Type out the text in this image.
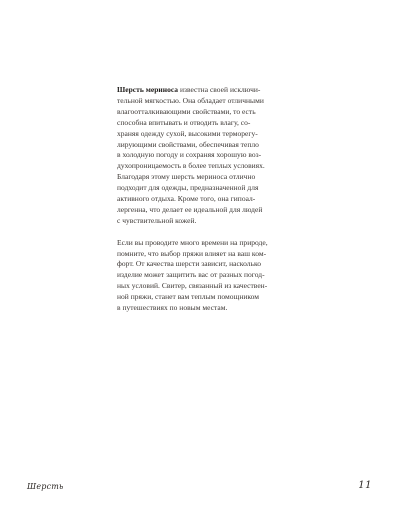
Шерсть мериноса известна своей исключи-
тельной мягкостью. Она обладает отличными
влагоотталкивающими свойствами, то есть
способна впитывать и отводить влагу, со-
храняя одежду сухой, высокими терморегу-
лирующими свойствами, обеспечивая тепло
в холодную погоду и сохраняя хорошую воз-
духопроницаемость в более теплых условиях.
Благодаря этому шерсть мериноса отлично
подходит для одежды, предназначенной для
активного отдыха. Кроме того, она гипоал-
лергенна, что делает ее идеальной для людей
с чувствительной кожей.

Если вы проводите много времени на природе,
помните, что выбор пряжи влияет на ваш ком-
форт. От качества шерсти зависит, насколько
изделие может защитить вас от разных погод-
ных условий. Свитер, связанный из качествен-
ной пряжи, станет вам теплым помощником
в путешествиях по новым местам.

Шерсть	11
